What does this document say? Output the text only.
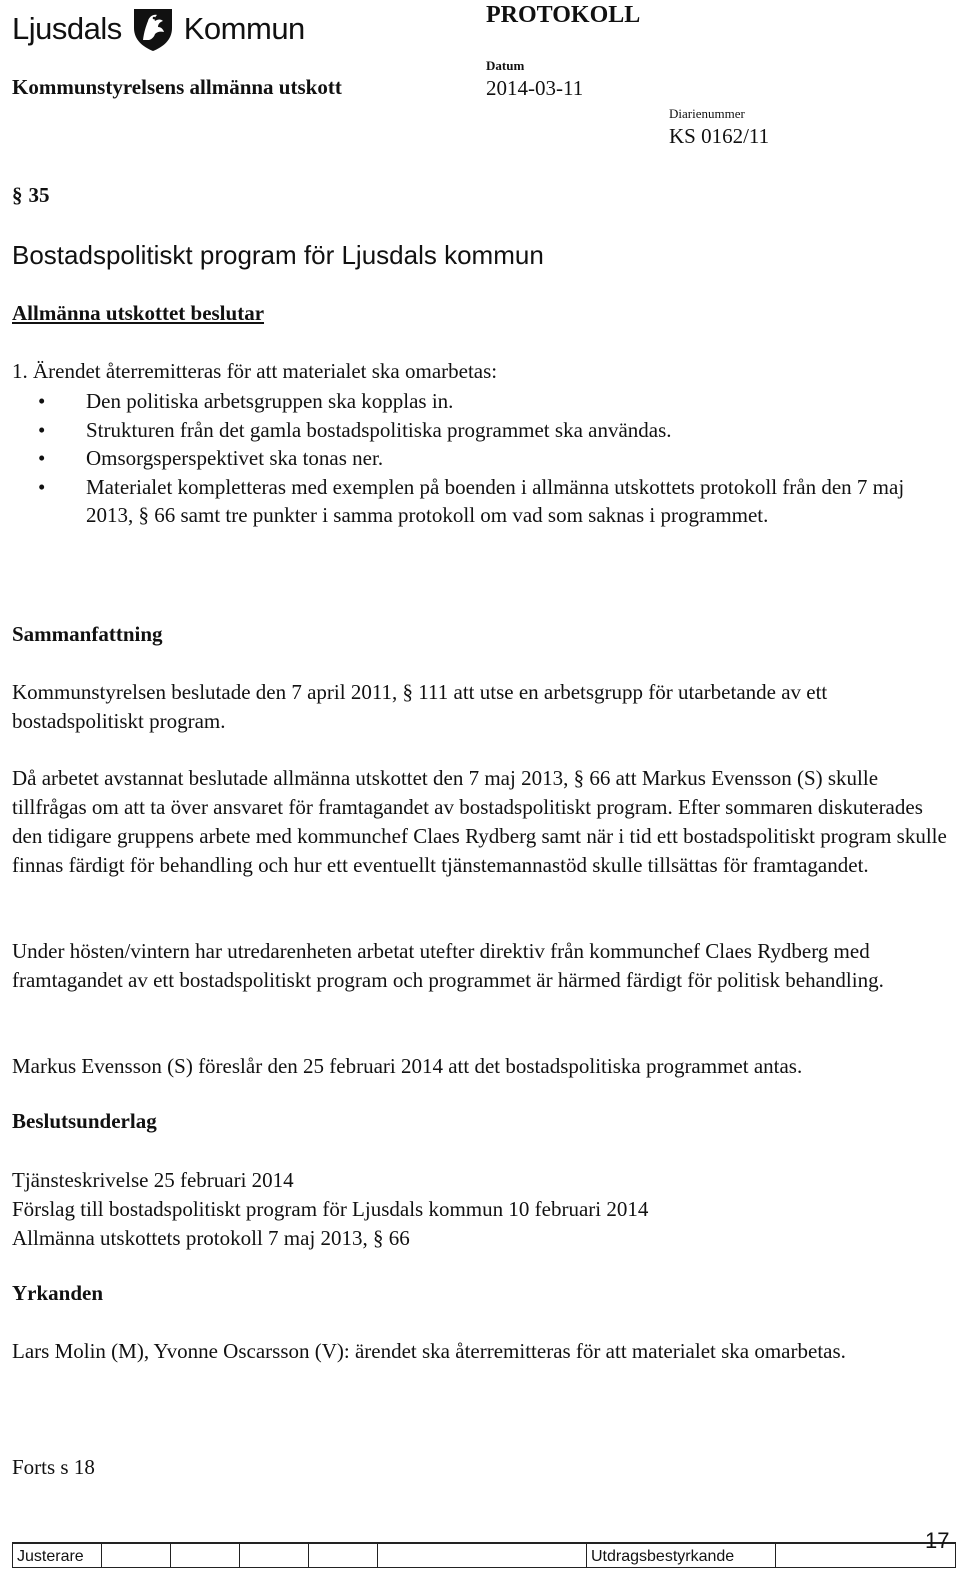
Ljusdals Kommun	PROTOKOLL
Kommunstyrelsens allmänna utskott
Datum
2014-03-11
Diarienummer
KS 0162/11
§ 35
Bostadspolitiskt program för Ljusdals kommun
Allmänna utskottet beslutar
1. Ärendet återremitteras för att materialet ska omarbetas:
• Den politiska arbetsgruppen ska kopplas in.
• Strukturen från det gamla bostadspolitiska programmet ska användas.
• Omsorgsperspektivet ska tonas ner.
• Materialet kompletteras med exemplen på boenden i allmänna utskottets protokoll från den 7 maj 2013, § 66 samt tre punkter i samma protokoll om vad som saknas i programmet.
Sammanfattning
Kommunstyrelsen beslutade den 7 april 2011, § 111 att utse en arbetsgrupp för utarbetande av ett bostadspolitiskt program.
Då arbetet avstannat beslutade allmänna utskottet den 7 maj 2013, § 66 att Markus Evensson (S) skulle tillfrågas om att ta över ansvaret för framtagandet av bostadspolitiskt program. Efter sommaren diskuterades den tidigare gruppens arbete med kommunchef Claes Rydberg samt när i tid ett bostadspolitiskt program skulle finnas färdigt för behandling och hur ett eventuellt tjänstemannastöd skulle tillsättas för framtagandet.
Under hösten/vintern har utredarenheten arbetat utefter direktiv från kommunchef Claes Rydberg med framtagandet av ett bostadspolitiskt program och programmet är härmed färdigt för politisk behandling.
Markus Evensson (S) föreslår den 25 februari 2014 att det bostadspolitiska programmet antas.
Beslutsunderlag
Tjänsteskrivelse 25 februari 2014
Förslag till bostadspolitiskt program för Ljusdals kommun 10 februari 2014
Allmänna utskottets protokoll 7 maj 2013, § 66
Yrkanden
Lars Molin (M), Yvonne Oscarsson (V): ärendet ska återremitteras för att materialet ska omarbetas.
Forts s 18
Justerare						Utdragsbestyrkande	
17
